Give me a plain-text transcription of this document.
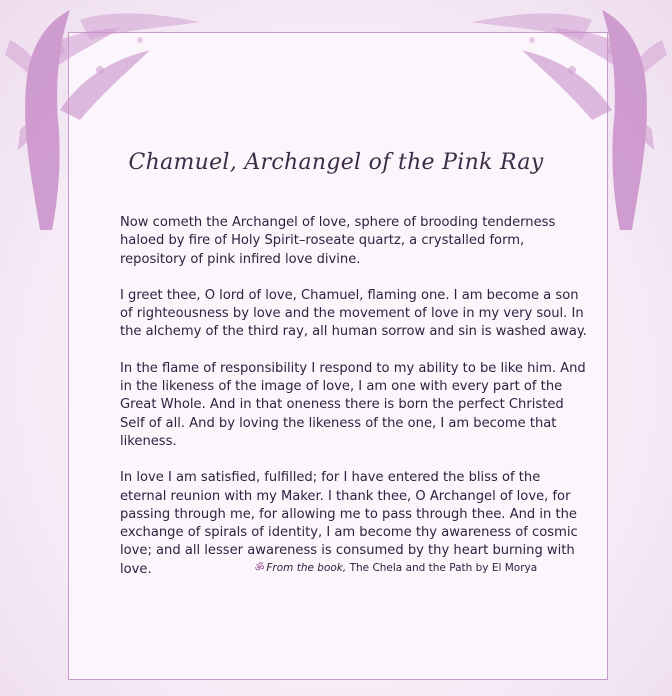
Chamuel, Archangel of the Pink Ray

Now cometh the Archangel of love, sphere of brooding tenderness haloed by fire of Holy Spirit–roseate quartz, a crystalled form, repository of pink infired love divine.

I greet thee, O lord of love, Chamuel, flaming one. I am become a son of righteousness by love and the movement of love in my very soul. In the alchemy of the third ray, all human sorrow and sin is washed away.

In the flame of responsibility I respond to my ability to be like him. And in the likeness of the image of love, I am one with every part of the Great Whole. And in that oneness there is born the perfect Christed Self of all. And by loving the likeness of the one, I am become that likeness.

In love I am satisfied, fulfilled; for I have entered the bliss of the eternal reunion with my Maker. I thank thee, O Archangel of love, for passing through me, for allowing me to pass through thee. And in the exchange of spirals of identity, I am become thy awareness of cosmic love; and all lesser awareness is consumed by thy heart burning with love.	ॐ From the book, The Chela and the Path by El Morya
